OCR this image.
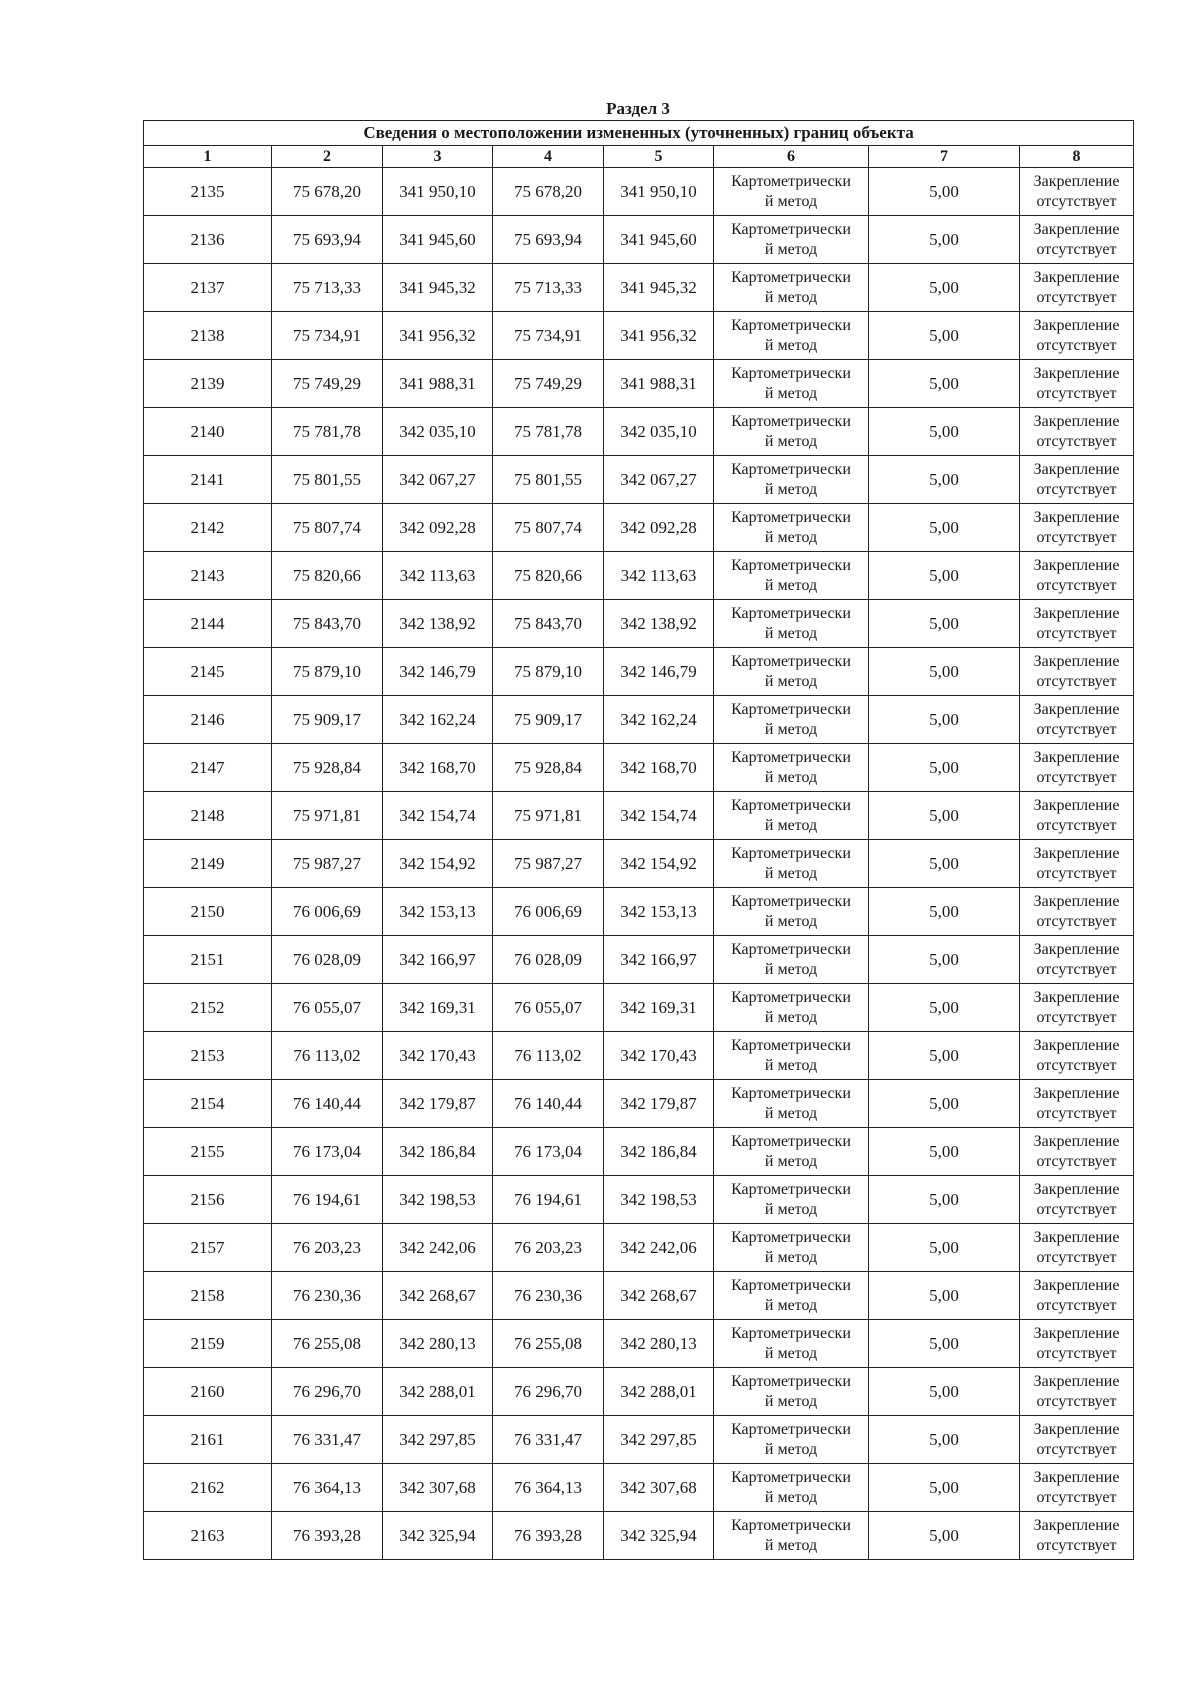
Раздел 3
Сведения о местоположении измененных (уточненных) границ объекта							
1	2	3	4	5	6	7	8
2135	75 678,20	341 950,10	75 678,20	341 950,10	Картометрически
й метод	5,00	Закрепление
отсутствует

2136	75 693,94	341 945,60	75 693,94	341 945,60	Картометрически
й метод	5,00	Закрепление
отсутствует

2137	75 713,33	341 945,32	75 713,33	341 945,32	Картометрически
й метод	5,00	Закрепление
отсутствует

2138	75 734,91	341 956,32	75 734,91	341 956,32	Картометрически
й метод	5,00	Закрепление
отсутствует

2139	75 749,29	341 988,31	75 749,29	341 988,31	Картометрически
й метод	5,00	Закрепление
отсутствует

2140	75 781,78	342 035,10	75 781,78	342 035,10	Картометрически
й метод	5,00	Закрепление
отсутствует

2141	75 801,55	342 067,27	75 801,55	342 067,27	Картометрически
й метод	5,00	Закрепление
отсутствует

2142	75 807,74	342 092,28	75 807,74	342 092,28	Картометрически
й метод	5,00	Закрепление
отсутствует

2143	75 820,66	342 113,63	75 820,66	342 113,63	Картометрически
й метод	5,00	Закрепление
отсутствует

2144	75 843,70	342 138,92	75 843,70	342 138,92	Картометрически
й метод	5,00	Закрепление
отсутствует

2145	75 879,10	342 146,79	75 879,10	342 146,79	Картометрически
й метод	5,00	Закрепление
отсутствует

2146	75 909,17	342 162,24	75 909,17	342 162,24	Картометрически
й метод	5,00	Закрепление
отсутствует

2147	75 928,84	342 168,70	75 928,84	342 168,70	Картометрически
й метод	5,00	Закрепление
отсутствует

2148	75 971,81	342 154,74	75 971,81	342 154,74	Картометрически
й метод	5,00	Закрепление
отсутствует

2149	75 987,27	342 154,92	75 987,27	342 154,92	Картометрически
й метод	5,00	Закрепление
отсутствует

2150	76 006,69	342 153,13	76 006,69	342 153,13	Картометрически
й метод	5,00	Закрепление
отсутствует

2151	76 028,09	342 166,97	76 028,09	342 166,97	Картометрически
й метод	5,00	Закрепление
отсутствует

2152	76 055,07	342 169,31	76 055,07	342 169,31	Картометрически
й метод	5,00	Закрепление
отсутствует

2153	76 113,02	342 170,43	76 113,02	342 170,43	Картометрически
й метод	5,00	Закрепление
отсутствует

2154	76 140,44	342 179,87	76 140,44	342 179,87	Картометрически
й метод	5,00	Закрепление
отсутствует

2155	76 173,04	342 186,84	76 173,04	342 186,84	Картометрически
й метод	5,00	Закрепление
отсутствует

2156	76 194,61	342 198,53	76 194,61	342 198,53	Картометрически
й метод	5,00	Закрепление
отсутствует

2157	76 203,23	342 242,06	76 203,23	342 242,06	Картометрически
й метод	5,00	Закрепление
отсутствует

2158	76 230,36	342 268,67	76 230,36	342 268,67	Картометрически
й метод	5,00	Закрепление
отсутствует

2159	76 255,08	342 280,13	76 255,08	342 280,13	Картометрически
й метод	5,00	Закрепление
отсутствует

2160	76 296,70	342 288,01	76 296,70	342 288,01	Картометрически
й метод	5,00	Закрепление
отсутствует

2161	76 331,47	342 297,85	76 331,47	342 297,85	Картометрически
й метод	5,00	Закрепление
отсутствует

2162	76 364,13	342 307,68	76 364,13	342 307,68	Картометрически
й метод	5,00	Закрепление
отсутствует

2163	76 393,28	342 325,94	76 393,28	342 325,94	Картометрически
й метод	5,00	Закрепление
отсутствует
